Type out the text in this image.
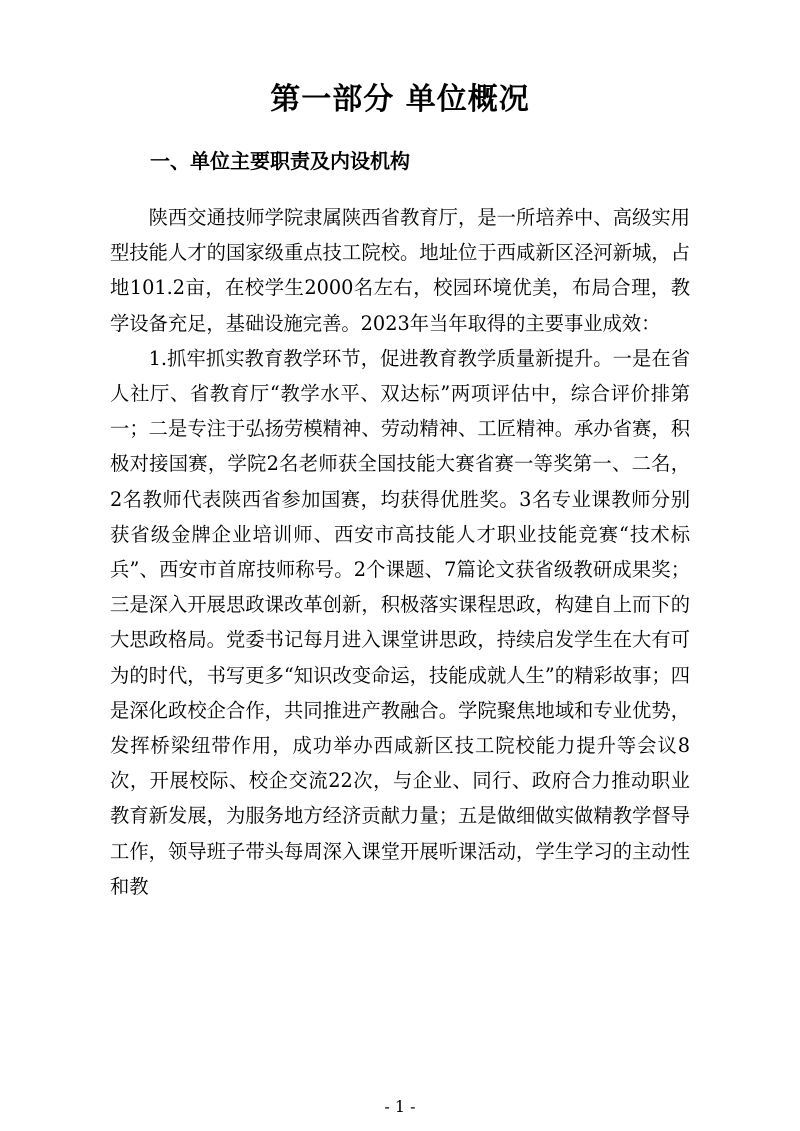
第一部分 单位概况
一、单位主要职责及内设机构

陕西交通技师学院隶属陕西省教育厅，是一所培养中、高级实用型技能人才的国家级重点技工院校。地址位于西咸新区泾河新城，占地101.2亩，在校学生2000名左右，校园环境优美，布局合理，教学设备充足，基础设施完善。2023年当年取得的主要事业成效：

1.抓牢抓实教育教学环节，促进教育教学质量新提升。一是在省人社厅、省教育厅“教学水平、双达标”两项评估中，综合评价排第一；二是专注于弘扬劳模精神、劳动精神、工匠精神。承办省赛，积极对接国赛，学院2名老师获全国技能大赛省赛一等奖第一、二名，2名教师代表陕西省参加国赛，均获得优胜奖。3名专业课教师分别获省级金牌企业培训师、西安市高技能人才职业技能竞赛“技术标兵”、西安市首席技师称号。2个课题、7篇论文获省级教研成果奖；三是深入开展思政课改革创新，积极落实课程思政，构建自上而下的大思政格局。党委书记每月进入课堂讲思政，持续启发学生在大有可为的时代，书写更多“知识改变命运，技能成就人生”的精彩故事；四是深化政校企合作，共同推进产教融合。学院聚焦地域和专业优势，发挥桥梁纽带作用，成功举办西咸新区技工院校能力提升等会议8次，开展校际、校企交流22次，与企业、同行、政府合力推动职业教育新发展，为服务地方经济贡献力量；五是做细做实做精教学督导工作，领导班子带头每周深入课堂开展听课活动，学生学习的主动性和教

- 1 -
